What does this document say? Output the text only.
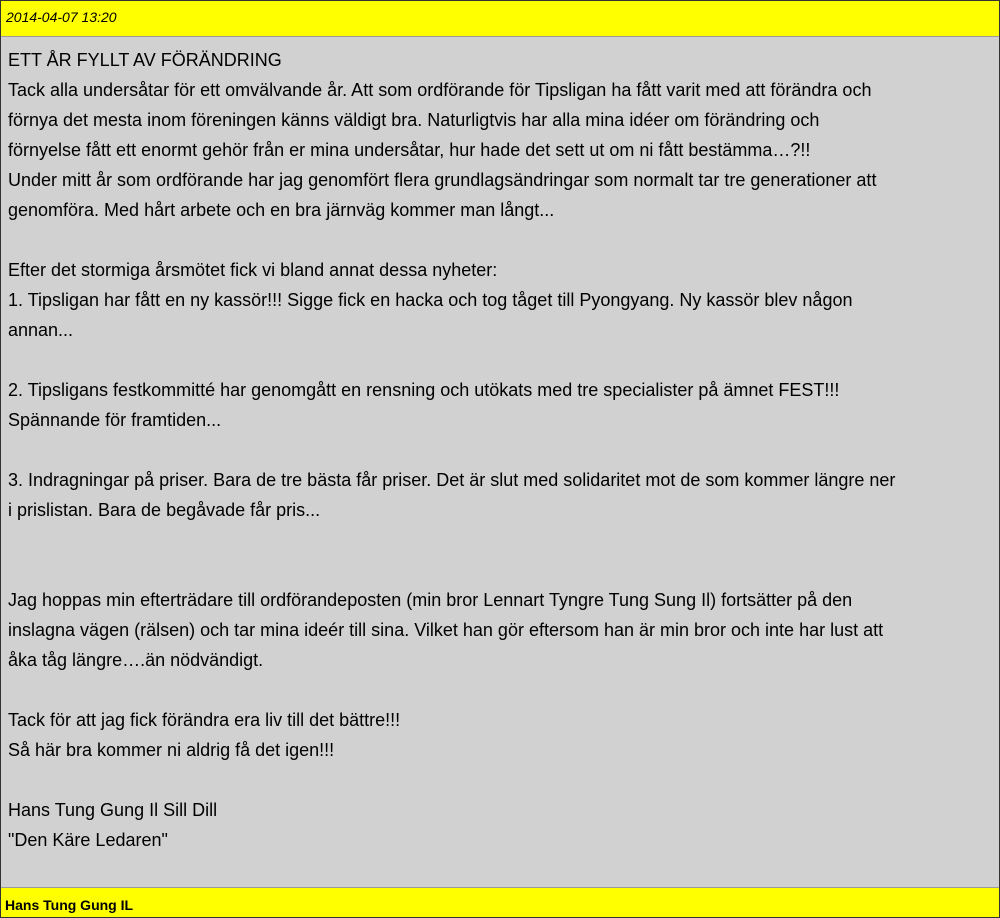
2014-04-07 13:20
ETT ÅR FYLLT AV FÖRÄNDRING
Tack alla undersåtar för ett omvälvande år. Att som ordförande för Tipsligan ha fått varit med att förändra och
förnya det mesta inom föreningen känns väldigt bra. Naturligtvis har alla mina idéer om förändring och
förnyelse fått ett enormt gehör från er mina undersåtar, hur hade det sett ut om ni fått bestämma…?!!
Under mitt år som ordförande har jag genomfört flera grundlagsändringar som normalt tar tre generationer att
genomföra. Med hårt arbete och en bra järnväg kommer man långt...
Efter det stormiga årsmötet fick vi bland annat dessa nyheter:
1. Tipsligan har fått en ny kassör!!! Sigge fick en hacka och tog tåget till Pyongyang. Ny kassör blev någon
annan...
2. Tipsligans festkommitté har genomgått en rensning och utökats med tre specialister på ämnet FEST!!!
Spännande för framtiden...
3. Indragningar på priser. Bara de tre bästa får priser. Det är slut med solidaritet mot de som kommer längre ner
i prislistan. Bara de begåvade får pris...
Jag hoppas min efterträdare till ordförandeposten (min bror Lennart Tyngre Tung Sung Il) fortsätter på den
inslagna vägen (rälsen) och tar mina ideér till sina. Vilket han gör eftersom han är min bror och inte har lust att
åka tåg längre….än nödvändigt.
Tack för att jag fick förändra era liv till det bättre!!!
Så här bra kommer ni aldrig få det igen!!!
Hans Tung Gung Il Sill Dill
"Den Käre Ledaren"
Hans Tung Gung IL
